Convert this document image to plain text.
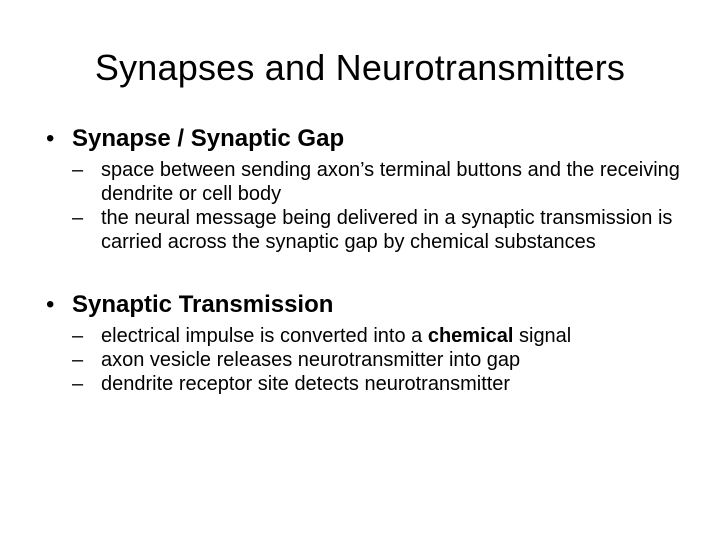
Synapses and Neurotransmitters
• Synapse / Synaptic Gap
– space between sending axon’s terminal buttons and the receiving dendrite or cell body
– the neural message being delivered in a synaptic transmission is carried across the synaptic gap by chemical substances
• Synaptic Transmission
– electrical impulse is converted into a chemical signal
– axon vesicle releases neurotransmitter into gap
– dendrite receptor site detects neurotransmitter
